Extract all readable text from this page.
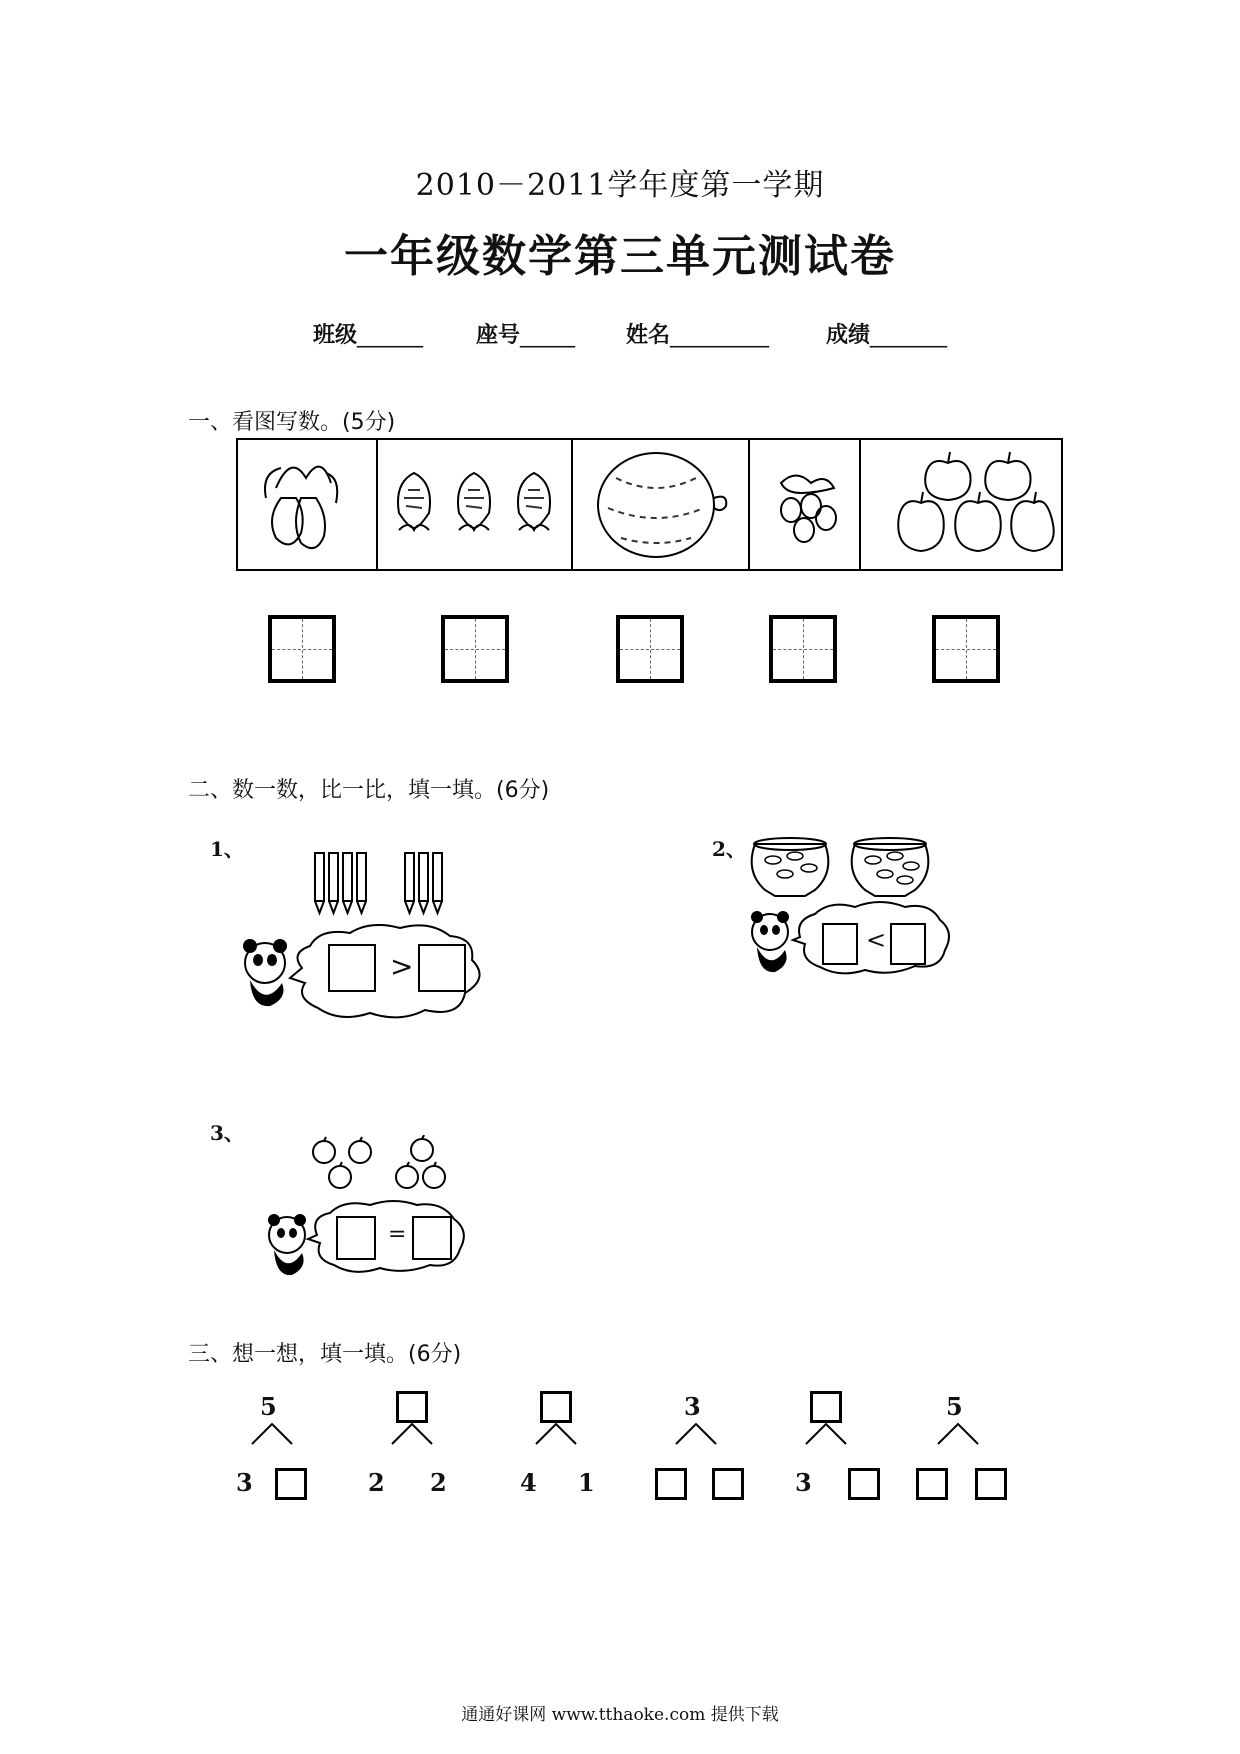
2010－2011学年度第一学期
一年级数学第三单元测试卷
班级______ 座号_____ 姓名_________	成绩_______
一、看图写数。(5分)
二、数一数，比一比，填一填。(6分)
1、	2、
3、
>
<
=
三、想一想，填一填。(6分)
5
3	2 2	4 1
3
3
5
通通好课网 www.tthaoke.com 提供下载
